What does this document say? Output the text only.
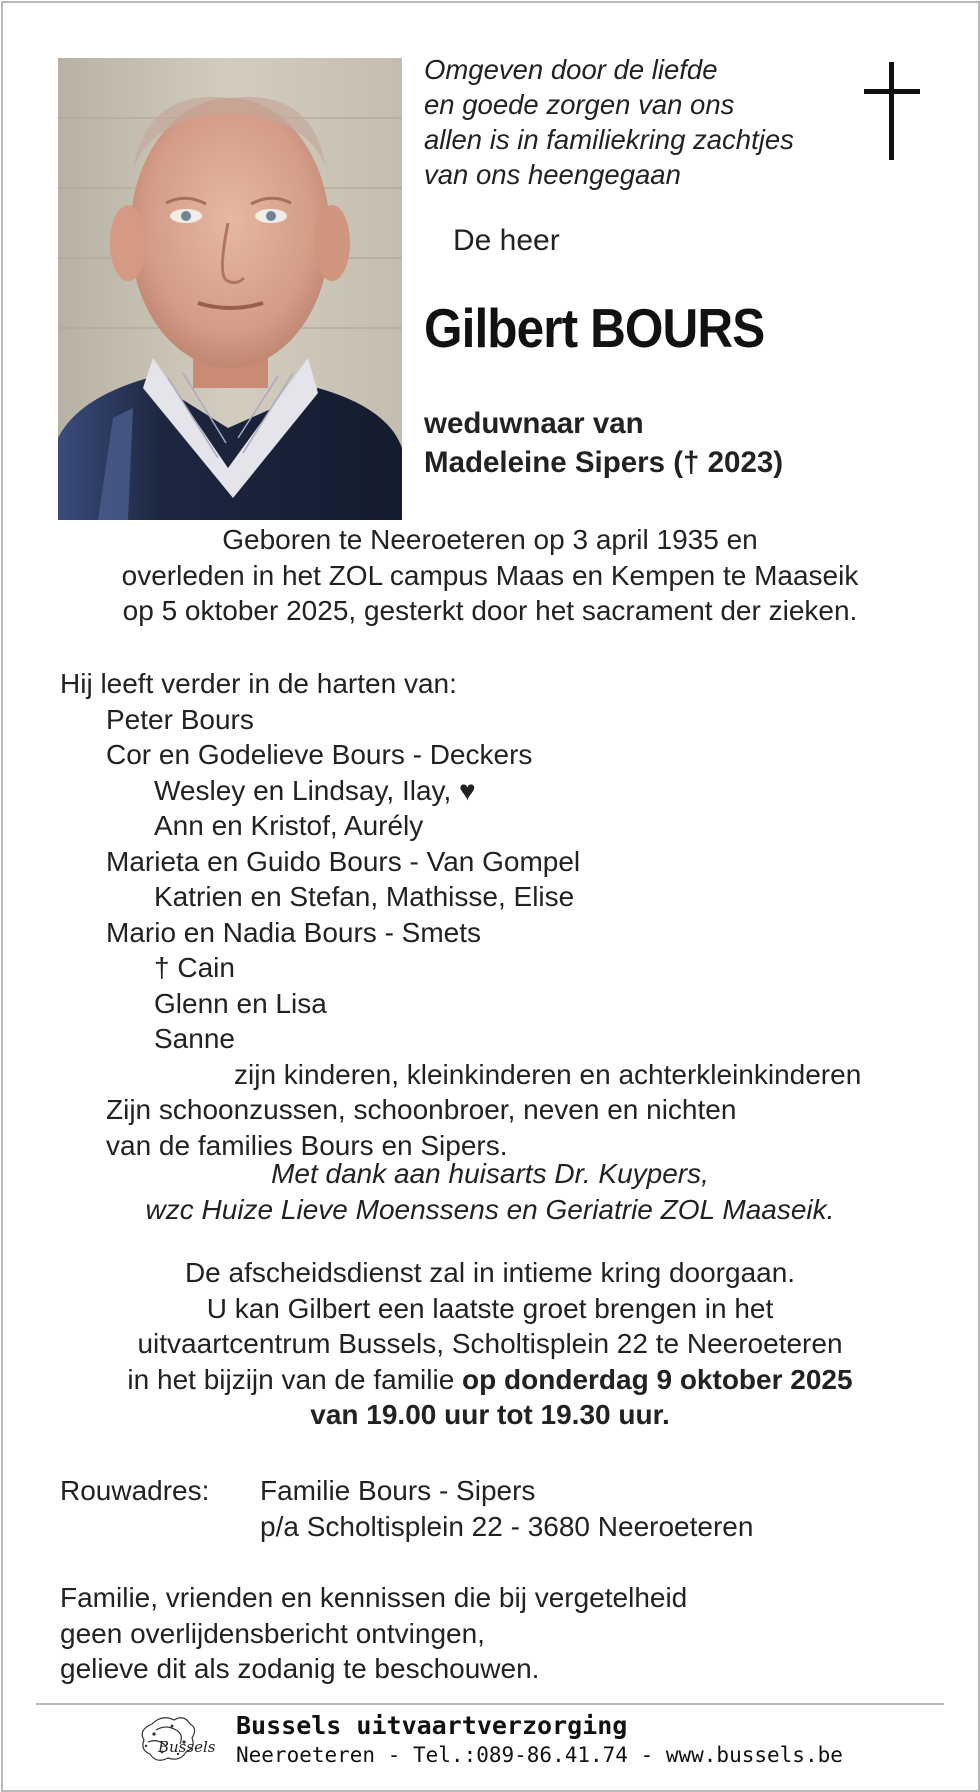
Omgeven door de liefde
en goede zorgen van ons
allen is in familiekring zachtjes
van ons heengegaan
De heer
Gilbert BOURS
weduwnaar van
Madeleine Sipers († 2023)
Geboren te Neeroeteren op 3 april 1935 en
overleden in het ZOL campus Maas en Kempen te Maaseik
op 5 oktober 2025, gesterkt door het sacrament der zieken.
Hij leeft verder in de harten van:
Peter Bours
Cor en Godelieve Bours - Deckers
Wesley en Lindsay, Ilay, ♥
Ann en Kristof, Aurély
Marieta en Guido Bours - Van Gompel
Katrien en Stefan, Mathisse, Elise
Mario en Nadia Bours - Smets
† Cain
Glenn en Lisa
Sanne
zijn kinderen, kleinkinderen en achterkleinkinderen
Zijn schoonzussen, schoonbroer, neven en nichten
van de families Bours en Sipers.
Met dank aan huisarts Dr. Kuypers,
wzc Huize Lieve Moenssens en Geriatrie ZOL Maaseik.
De afscheidsdienst zal in intieme kring doorgaan.
U kan Gilbert een laatste groet brengen in het
uitvaartcentrum Bussels, Scholtisplein 22 te Neeroeteren
in het bijzijn van de familie op donderdag 9 oktober 2025
van 19.00 uur tot 19.30 uur.
Rouwadres: Familie Bours - Sipers
p/a Scholtisplein 22 - 3680 Neeroeteren
Familie, vrienden en kennissen die bij vergetelheid
geen overlijdensbericht ontvingen,
gelieve dit als zodanig te beschouwen.
Bussels
Bussels uitvaartverzorging
Neeroeteren - Tel.:089-86.41.74 - www.bussels.be
